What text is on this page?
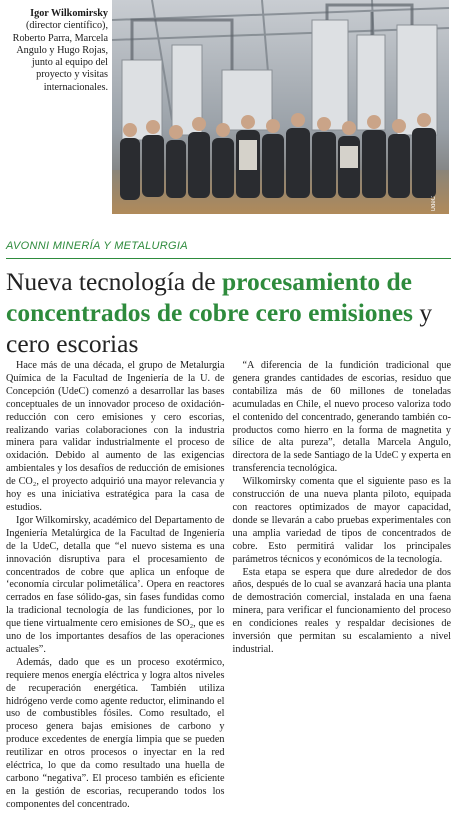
Igor Wilkomirsky (director científico), Roberto Parra, Marcela Angulo y Hugo Rojas, junto al equipo del proyecto y visitas internacionales.
UdeC
AVONNI MINERÍA Y METALURGIA
Nueva tecnología de procesamiento de concentrados de cobre cero emisiones y cero escorias

Hace más de una década, el grupo de Metalurgia Química de la Facultad de Ingeniería de la U. de Concepción (UdeC) comenzó a desarrollar las bases conceptuales de un innovador proceso de oxidación-reducción con cero emisiones y cero escorias, realizando varias colaboraciones con la industria minera para validar industrialmente el proceso de oxidación. Debido al aumento de las exigencias ambientales y los desafíos de reducción de emisiones de CO₂, el proyecto adquirió una mayor relevancia y hoy es una iniciativa estratégica para la casa de estudios.

Igor Wilkomirsky, académico del Departamento de Ingeniería Metalúrgica de la Facultad de Ingeniería de la UdeC, detalla que “el nuevo sistema es una innovación disruptiva para el procesamiento de concentrados de cobre que aplica un enfoque de ‘economía circular polimetálica’. Opera en reactores cerrados en fase sólido-gas, sin fases fundidas como la tradicional tecnología de las fundiciones, por lo que tiene virtualmente cero emisiones de SO₂, que es uno de los importantes desafíos de las operaciones actuales”.

Además, dado que es un proceso exotérmico, requiere menos energía eléctrica y logra altos niveles de recuperación energética. También utiliza hidrógeno verde como agente reductor, eliminando el uso de combustibles fósiles. Como resultado, el proceso genera bajas emisiones de carbono y produce excedentes de energía limpia que se pueden reutilizar en otros procesos o inyectar en la red eléctrica, lo que da como resultado una huella de carbono “negativa”. El proceso también es eficiente en la gestión de escorias, recuperando todos los componentes del concentrado.

“A diferencia de la fundición tradicional que genera grandes cantidades de escorias, residuo que contabiliza más de 60 millones de toneladas acumuladas en Chile, el nuevo proceso valoriza todo el contenido del concentrado, generando también co-productos como hierro en la forma de magnetita y sílice de alta pureza”, detalla Marcela Angulo, directora de la sede Santiago de la UdeC y experta en transferencia tecnológica.

Wilkomirsky comenta que el siguiente paso es la construcción de una nueva planta piloto, equipada con reactores optimizados de mayor capacidad, donde se llevarán a cabo pruebas experimentales con una amplia variedad de tipos de concentrados de cobre. Esto permitirá validar los principales parámetros técnicos y económicos de la tecnología.

Esta etapa se espera que dure alrededor de dos años, después de lo cual se avanzará hacia una planta de demostración comercial, instalada en una faena minera, para verificar el funcionamiento del proceso en condiciones reales y respaldar decisiones de inversión que permitan su escalamiento a nivel industrial.
